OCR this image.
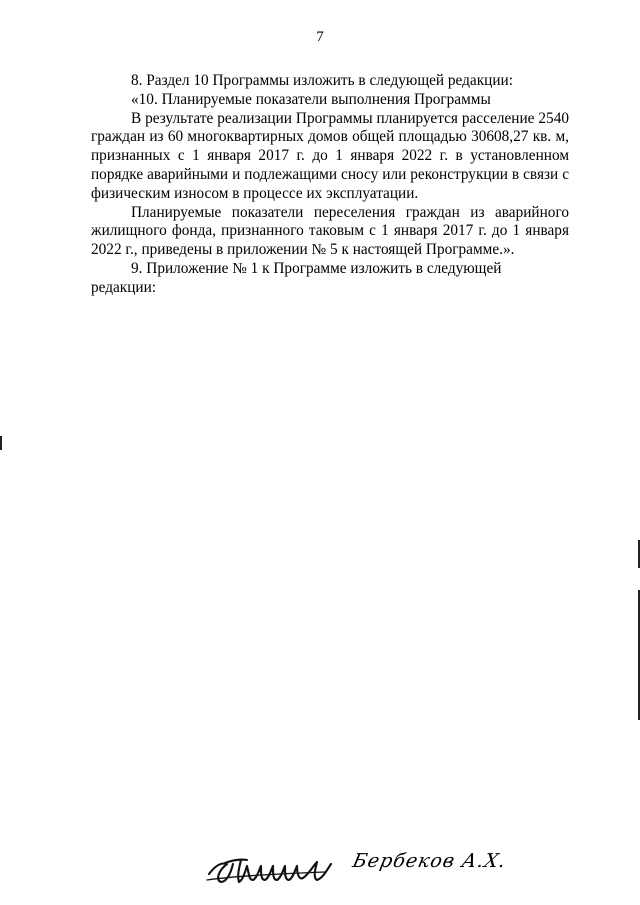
7

8. Раздел 10 Программы изложить в следующей редакции:

«10. Планируемые показатели выполнения Программы

В результате реализации Программы планируется расселение 2540 граждан из 60 многоквартирных домов общей площадью 30608,27 кв. м, признанных с 1 января 2017 г. до 1 января 2022 г. в установленном порядке аварийными и подлежащими сносу или реконструкции в связи с физическим износом в процессе их эксплуатации.

Планируемые показатели переселения граждан из аварийного жилищного фонда, признанного таковым с 1 января 2017 г. до 1 января 2022 г., приведены в приложении № 5 к настоящей Программе.».

9. Приложение № 1 к Программе изложить в следующей редакции:

Бербеков А.Х.
